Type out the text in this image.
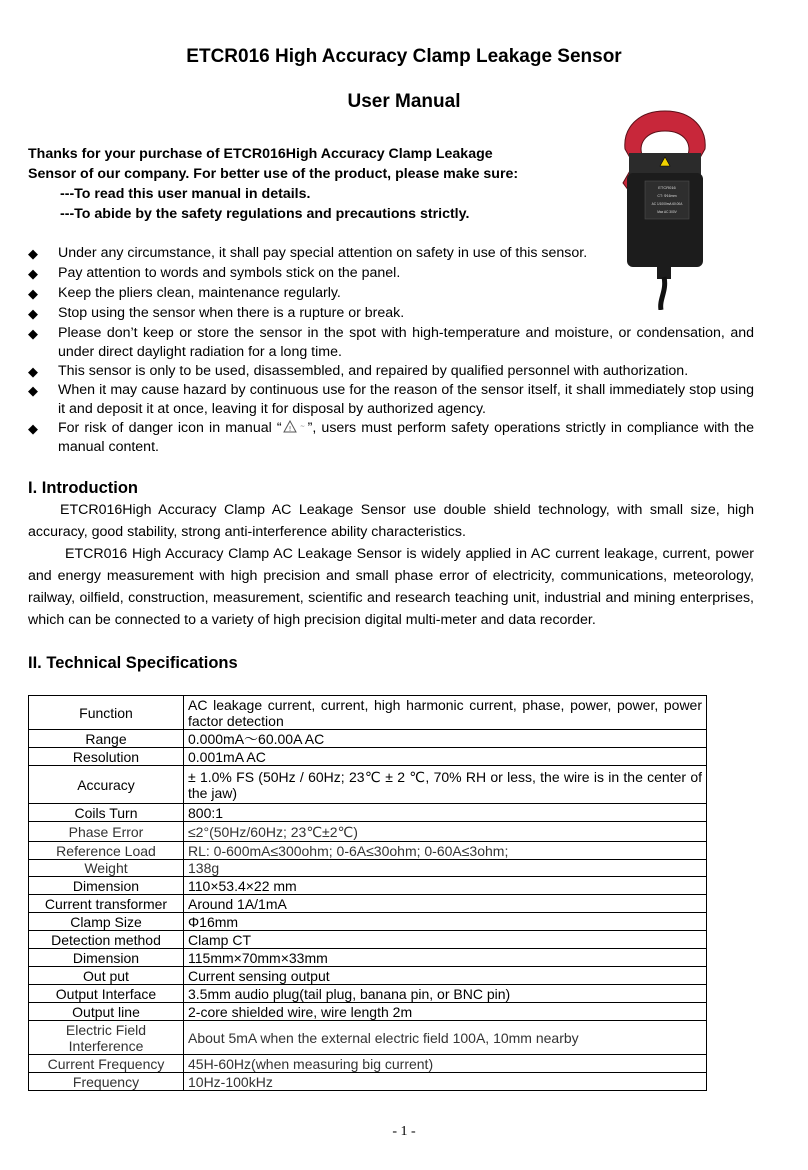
ETCR016 High Accuracy Clamp Leakage Sensor
User Manual
Thanks for your purchase of ETCR016High Accuracy Clamp Leakage
Sensor of our company. For better use of the product, please make sure:
---To read this user manual in details.
---To abide by the safety regulations and precautions strictly.
ETCR016
CT: Φ16mm
AC 1/1000mA 60.00A
Max AC 300V
◆ Under any circumstance, it shall pay special attention on safety in use of this sensor.
◆ Pay attention to words and symbols stick on the panel.
◆ Keep the pliers clean, maintenance regularly.
◆ Stop using the sensor when there is a rupture or break.
◆	Please don’t keep or store the sensor in the spot with high-temperature and moisture, or condensation, and under direct daylight radiation for a long time.
◆ This sensor is only to be used, disassembled, and repaired by qualified personnel with authorization.
◆	When it may cause hazard by continuous use for the reason of the sensor itself, it shall immediately stop using it and deposit it at once, leaving it for disposal by authorized agency.
◆	For risk of danger icon in manual “ ! ~ ”, users must perform safety operations strictly in compliance with the manual content.
I. Introduction

ETCR016High Accuracy Clamp AC Leakage Sensor use double shield technology, with small size, high accuracy, good stability, strong anti-interference ability characteristics.

ETCR016 High Accuracy Clamp AC Leakage Sensor is widely applied in AC current leakage, current, power and energy measurement with high precision and small phase error of electricity, communications, meteorology, railway, oilfield, construction, measurement, scientific and research teaching unit, industrial and mining enterprises, which can be connected to a variety of high precision digital multi-meter and data recorder.

II. Technical Specifications
Function	AC leakage current, current, high harmonic current, phase, power, power, power factor detection
Range	0.000mA～60.00A AC
Resolution	0.001mA AC
Accuracy	± 1.0% FS (50Hz / 60Hz; 23℃ ± 2 ℃, 70% RH or less, the wire is in the center of the jaw)
Coils Turn	800:1
Phase Error	≤2°(50Hz/60Hz; 23℃±2℃)
Reference Load	RL: 0-600mA≤300ohm; 0-6A≤30ohm; 0-60A≤3ohm;
Weight	138g
Dimension	110×53.4×22 mm
Current transformer	Around 1A/1mA
Clamp Size	Φ16mm
Detection method	Clamp CT
Dimension	115mm×70mm×33mm
Out put	Current sensing output
Output Interface	3.5mm audio plug(tail plug, banana pin, or BNC pin)
Output line	2-core shielded wire, wire length 2m
Electric Field Interference	About 5mA when the external electric field 100A, 10mm nearby
Current Frequency	45H-60Hz(when measuring big current)
Frequency	10Hz-100kHz
- 1 -
